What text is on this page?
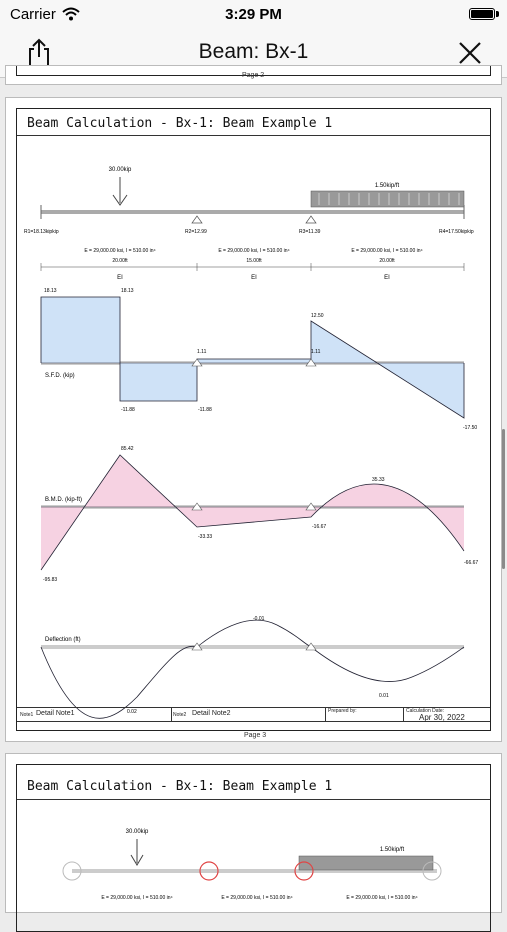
Carrier	3:29 PM
Beam: Bx-1
Page 2
Beam Calculation - Bx-1: Beam Example 1
30.00kip
1.50kip/ft
R1=18.13kipkip	R2=12.99	R3=11.39	R4=17.50kipkip
E = 29,000.00 ksi, I = 510.00 in⁴	E = 29,000.00 ksi, I = 510.00 in⁴	E = 29,000.00 ksi, I = 510.00 in⁴
20.00ft	15.00ft	20.00ft
EI	EI	EI
S.F.D. (kip)
18.13	18.13
-11.88	-11.88
1.11	1.11
12.50
-17.50
B.M.D. (kip-ft)
85.42
-95.83
-33.33
-16.67
35.33
-66.67
Deflection (ft)
-0.01
0.02
0.01
Note1 Detail Note1	Note2 Detail Note2	Prepared by:	Calculation Date:
Apr 30, 2022
Page 3
Beam Calculation - Bx-1: Beam Example 1
30.00kip
1.50kip/ft
E = 29,000.00 ksi, I = 510.00 in⁴	E = 29,000.00 ksi, I = 510.00 in⁴	E = 29,000.00 ksi, I = 510.00 in⁴
